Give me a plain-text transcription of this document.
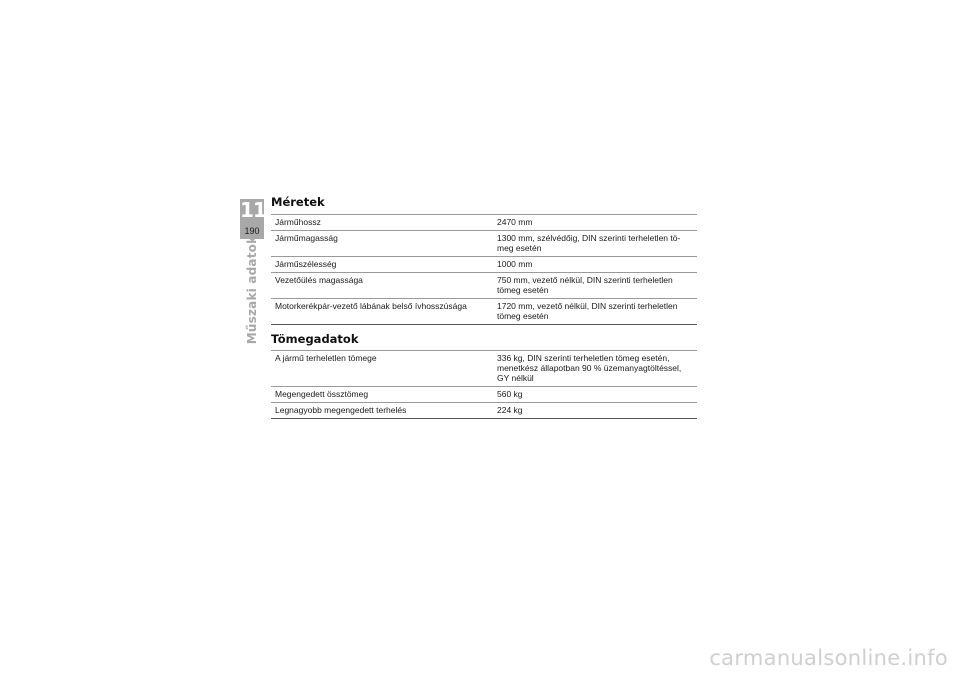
11
190
Műszaki adatok
Méretek
Járműhossz	2470 mm
Járműmagasság	1300 mm, szélvédőig, DIN szerinti terheletlen tö-
meg esetén
Járműszélesség	1000 mm
Vezetőülés magassága	750 mm, vezető nélkül, DIN szerinti terheletlen
tömeg esetén
Motorkerékpár-vezető lábának belső ívhosszúsága	1720 mm, vezető nélkül, DIN szerinti terheletlen
tömeg esetén
Tömegadatok
A jármű terheletlen tömege	336 kg, DIN szerinti terheletlen tömeg esetén,
menetkész állapotban 90 % üzemanyagtöltéssel,
GY nélkül
Megengedett össztömeg	560 kg
Legnagyobb megengedett terhelés	224 kg
carmanualsonline.info
